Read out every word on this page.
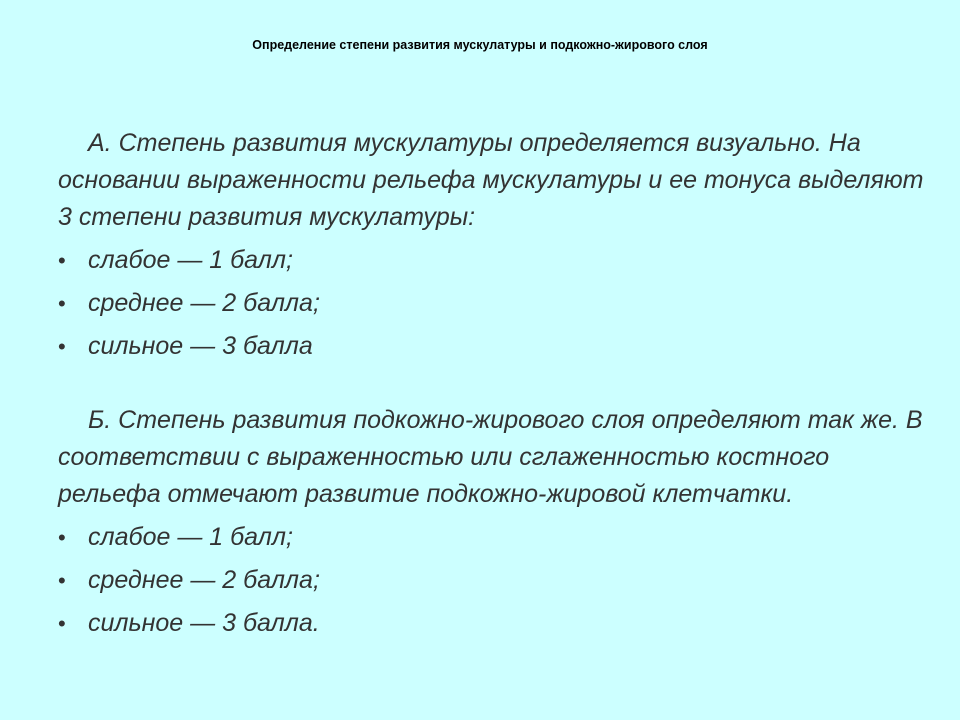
Определение степени развития мускулатуры и подкожно-жирового слоя

А. Степень развития мускулатуры определяется визуально. На основании выраженности рельефа мускулатуры и ее тонуса выделяют 3 степени развития мускулатуры:

• слабое — 1 балл;
• среднее — 2 балла;
• сильное — 3 балла

Б. Степень развития подкожно-жирового слоя определяют так же. В соответствии с выраженностью или сглаженностью костного рельефа отмечают развитие подкожно-жировой клетчатки.

• слабое — 1 балл;
• среднее — 2 балла;
• сильное — 3 балла.
